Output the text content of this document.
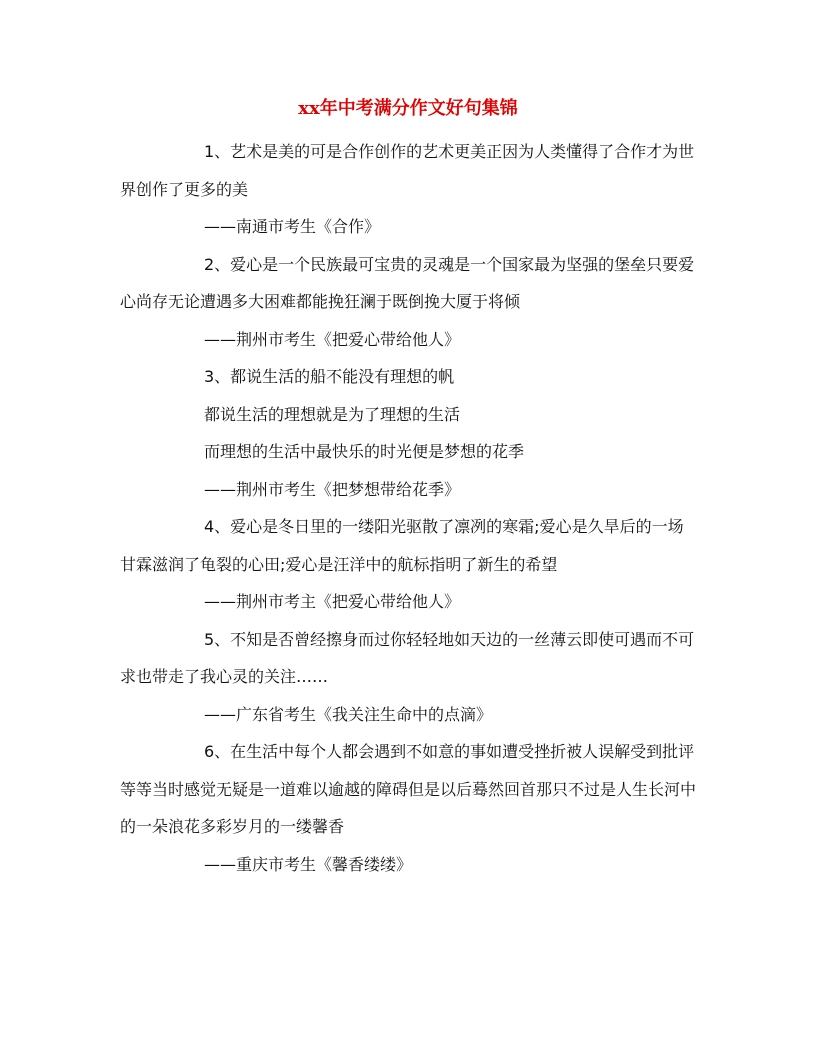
xx年中考满分作文好句集锦

1、艺术是美的可是合作创作的艺术更美正因为人类懂得了合作才为世界创作了更多的美

——南通市考生《合作》

2、爱心是一个民族最可宝贵的灵魂是一个国家最为坚强的堡垒只要爱心尚存无论遭遇多大困难都能挽狂澜于既倒挽大厦于将倾

——荆州市考生《把爱心带给他人》

3、都说生活的船不能没有理想的帆

都说生活的理想就是为了理想的生活

而理想的生活中最快乐的时光便是梦想的花季

——荆州市考生《把梦想带给花季》

4、爱心是冬日里的一缕阳光驱散了凛冽的寒霜;爱心是久旱后的一场甘霖滋润了龟裂的心田;爱心是汪洋中的航标指明了新生的希望

——荆州市考主《把爱心带给他人》

5、不知是否曾经擦身而过你轻轻地如天边的一丝薄云即使可遇而不可求也带走了我心灵的关注……

——广东省考生《我关注生命中的点滴》

6、在生活中每个人都会遇到不如意的事如遭受挫折被人误解受到批评等等当时感觉无疑是一道难以逾越的障碍但是以后蓦然回首那只不过是人生长河中的一朵浪花多彩岁月的一缕馨香

——重庆市考生《馨香缕缕》
